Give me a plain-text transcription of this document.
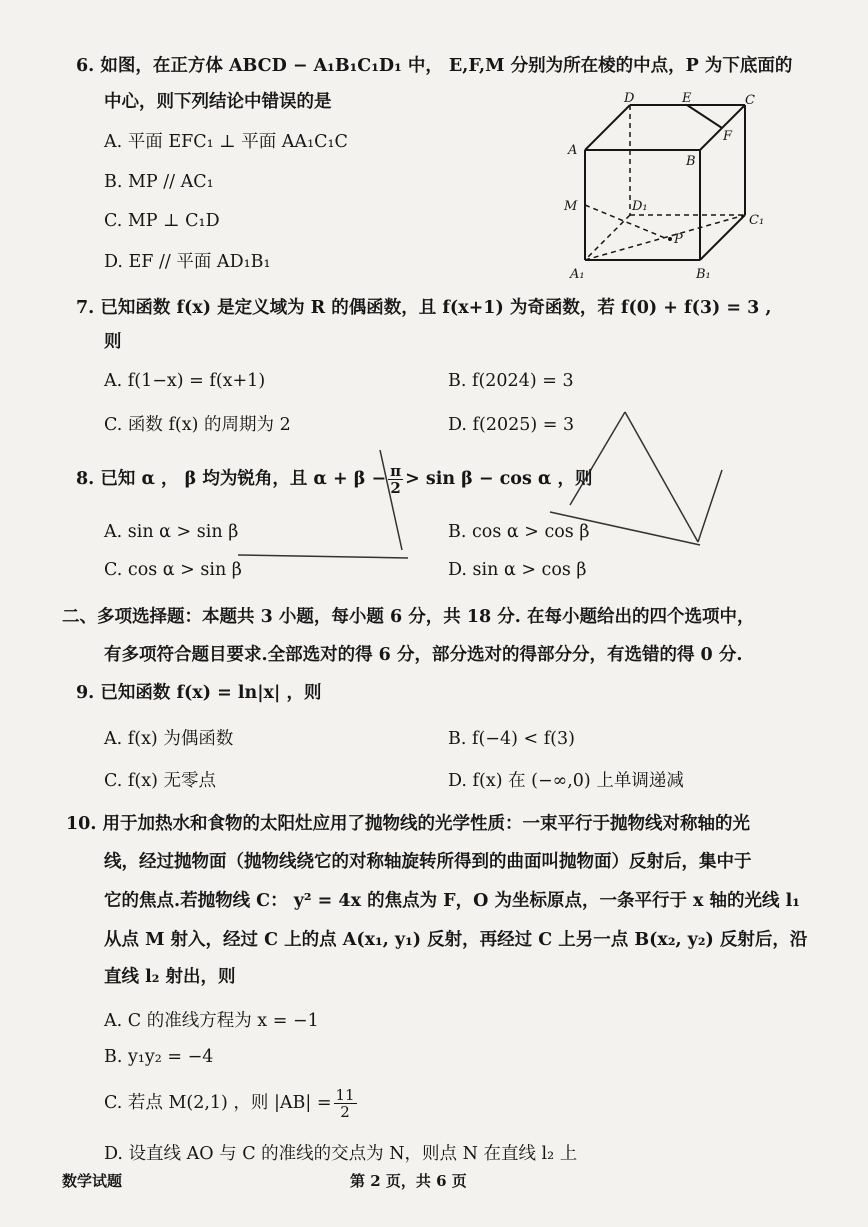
6. 如图，在正方体 ABCD − A₁B₁C₁D₁ 中， E,F,M 分别为所在棱的中点，P 为下底面的
中心，则下列结论中错误的是
A. 平面 EFC₁ ⊥ 平面 AA₁C₁C
B. MP // AC₁
C. MP ⊥ C₁D
D. EF // 平面 AD₁B₁
D	E	C
A
B
F
M	D₁
C₁
P
A₁	B₁
7. 已知函数 f(x) 是定义域为 R 的偶函数，且 f(x+1) 为奇函数，若 f(0) + f(3) = 3 ,
则
A. f(1−x) = f(x+1)	B. f(2024) = 3
C. 函数 f(x) 的周期为 2	D. f(2025) = 3
8. 已知 α ， β 均为锐角，且 $\alpha + \beta - \frac{\pi}{2} > \sin \beta - \cos \alpha$ ，则
A. sin α > sin β	B. cos α > cos β
C. cos α > sin β	D. sin α > cos β
二、多项选择题：本题共 3 小题，每小题 6 分，共 18 分. 在每小题给出的四个选项中，
有多项符合题目要求.全部选对的得 6 分，部分选对的得部分分，有选错的得 0 分.
9. 已知函数 f(x) = ln|x| ，则
A. f(x) 为偶函数	B. f(−4) < f(3)
C. f(x) 无零点	D. f(x) 在 (−∞,0) 上单调递减
10. 用于加热水和食物的太阳灶应用了抛物线的光学性质：一束平行于抛物线对称轴的光
线，经过抛物面（抛物线绕它的对称轴旋转所得到的曲面叫抛物面）反射后，集中于
它的焦点.若抛物线 C： y² = 4x 的焦点为 F，O 为坐标原点，一条平行于 x 轴的光线 l₁
从点 M 射入，经过 C 上的点 A(x₁, y₁) 反射，再经过 C 上另一点 B(x₂, y₂) 反射后，沿
直线 l₂ 射出，则
A. C 的准线方程为 x = −1
B. y₁y₂ = −4
C. 若点 M(2,1) ，则 $|AB| = \frac{11}{2}$
D. 设直线 AO 与 C 的准线的交点为 N，则点 N 在直线 l₂ 上
数学试题	第 2 页，共 6 页
